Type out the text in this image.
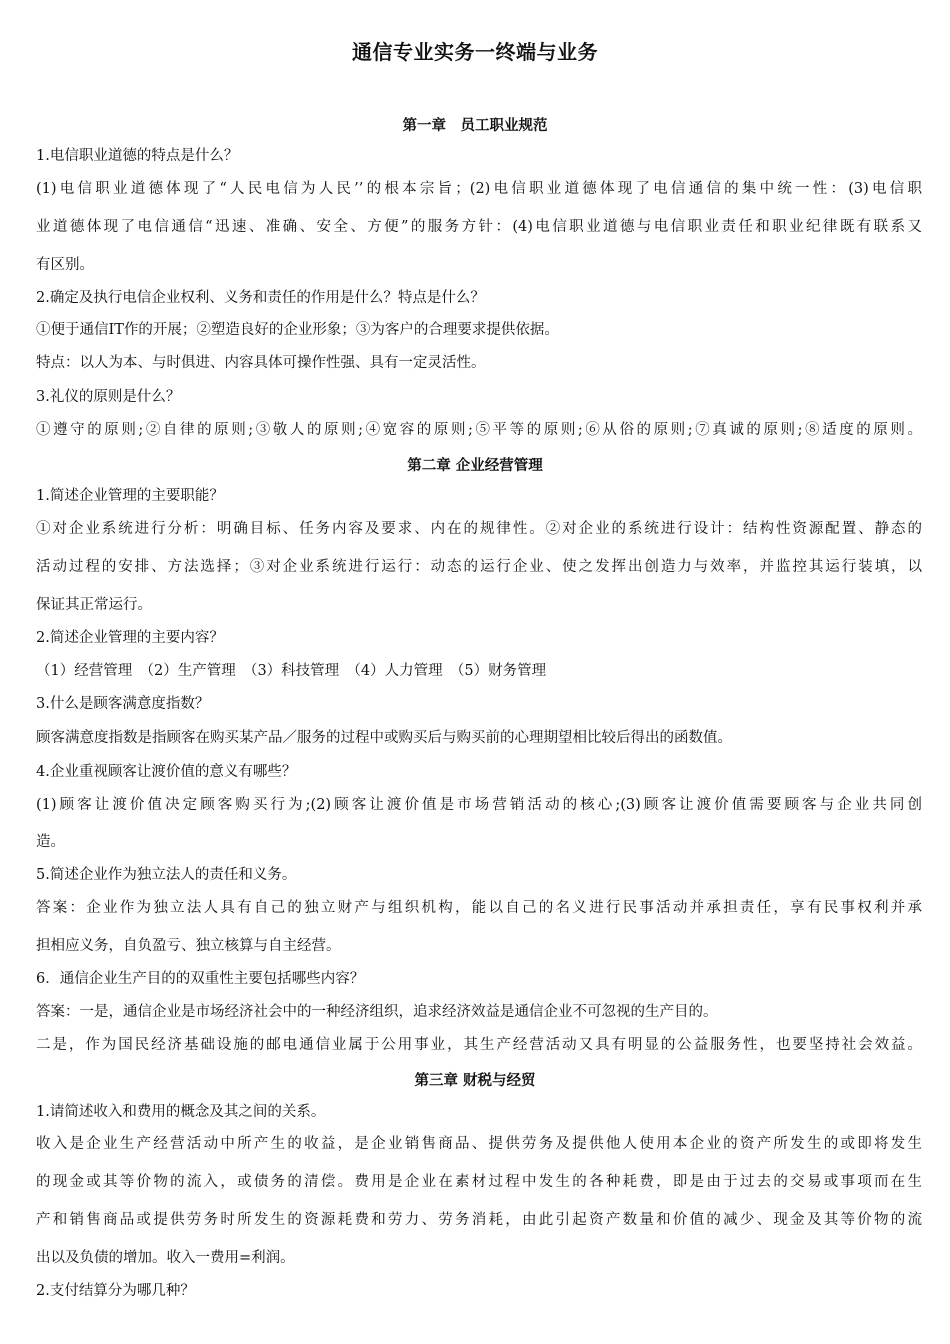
通信专业实务一终端与业务
第一章　员工职业规范
1.电信职业道德的特点是什么？
(1)电信职业道德体现了“人民电信为人民’’的根本宗旨；(2)电信职业道德体现了电信通信的集中统一性：(3)电信职
业道德体现了电信通信“迅速、准确、安全、方便”的服务方针：(4)电信职业道德与电信职业责任和职业纪律既有联系又
有区别。
2.确定及执行电信企业权利、义务和责任的作用是什么？特点是什么？
①便于通信IT作的开展；②塑造良好的企业形象；③为客户的合理要求提供依据。
特点：以人为本、与时俱进、内容具体可操作性强、具有一定灵活性。
3.礼仪的原则是什么？
①遵守的原则;②自律的原则;③敬人的原则;④宽容的原则;⑤平等的原则;⑥从俗的原则;⑦真诚的原则;⑧适度的原则。
第二章 企业经营管理
1.简述企业管理的主要职能？
①对企业系统进行分析：明确目标、任务内容及要求、内在的规律性。②对企业的系统进行设计：结构性资源配置、静态的
活动过程的安排、方法选择；③对企业系统进行运行：动态的运行企业、使之发挥出创造力与效率，并监控其运行装填，以
保证其正常运行。
2.简述企业管理的主要内容？
（1）经营管理　（2）生产管理　（3）科技管理　（4）人力管理　（5）财务管理
3.什么是顾客满意度指数？
顾客满意度指数是指顾客在购买某产品／服务的过程中或购买后与购买前的心理期望相比较后得出的函数值。
4.企业重视顾客让渡价值的意义有哪些？
(1)顾客让渡价值决定顾客购买行为;(2)顾客让渡价值是市场营销活动的核心;(3)顾客让渡价值需要顾客与企业共同创
造。
5.简述企业作为独立法人的责任和义务。
答案：企业作为独立法人具有自己的独立财产与组织机构，能以自己的名义进行民事活动并承担责任，享有民事权利并承
担相应义务，自负盈亏、独立核算与自主经营。
6．通信企业生产目的的双重性主要包括哪些内容？
答案：一是，通信企业是市场经济社会中的一种经济组织，追求经济效益是通信企业不可忽视的生产目的。
二是，作为国民经济基础设施的邮电通信业属于公用事业，其生产经营活动又具有明显的公益服务性，也要坚持社会效益。
第三章 财税与经贸
1.请简述收入和费用的概念及其之间的关系。
收入是企业生产经营活动中所产生的收益，是企业销售商品、提供劳务及提供他人使用本企业的资产所发生的或即将发生
的现金或其等价物的流入，或债务的清偿。费用是企业在素材过程中发生的各种耗费，即是由于过去的交易或事项而在生
产和销售商品或提供劳务时所发生的资源耗费和劳力、劳务消耗，由此引起资产数量和价值的减少、现金及其等价物的流
出以及负债的增加。收入一费用=利润。
2.支付结算分为哪几种？
